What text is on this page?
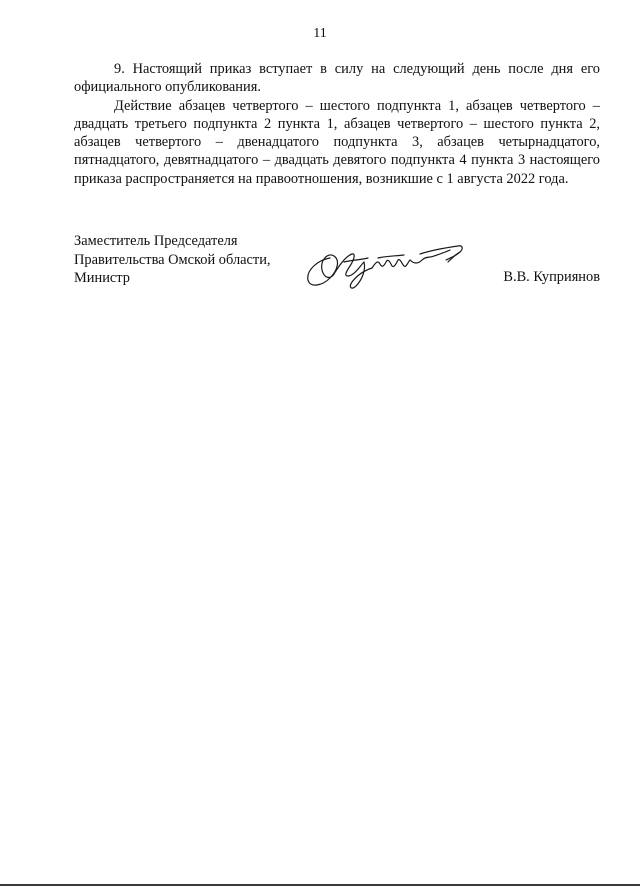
11

9. Настоящий приказ вступает в силу на следующий день после дня его официального опубликования.

Действие абзацев четвертого – шестого подпункта 1, абзацев четвертого – двадцать третьего подпункта 2 пункта 1, абзацев четвертого – шестого пункта 2, абзацев четвертого – двенадцатого подпункта 3, абзацев четырнадцатого, пятнадцатого, девятнадцатого – двадцать девятого подпункта 4 пункта 3 настоящего приказа распространяется на правоотношения, возникшие с 1 августа 2022 года.

Заместитель Председателя
Правительства Омской области,
Министр	В.В. Куприянов
